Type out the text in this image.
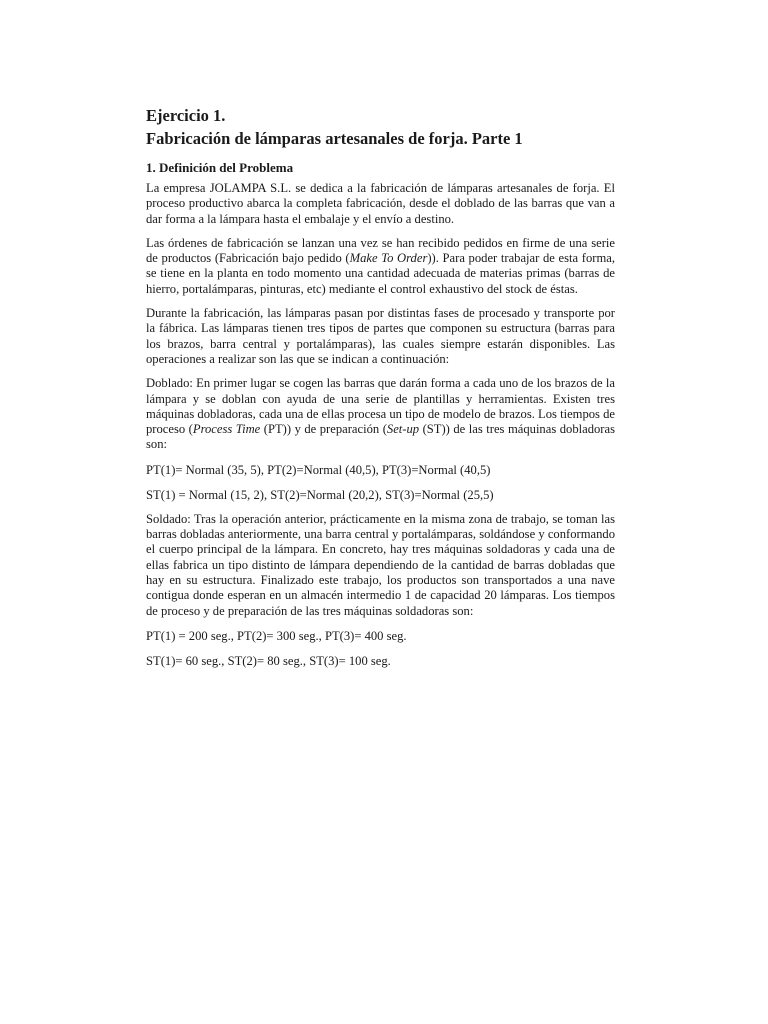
Ejercicio 1.
Fabricación de lámparas artesanales de forja. Parte 1
1. Definición del Problema

La empresa JOLAMPA S.L. se dedica a la fabricación de lámparas artesanales de forja. El proceso productivo abarca la completa fabricación, desde el doblado de las barras que van a dar forma a la lámpara hasta el embalaje y el envío a destino.

Las órdenes de fabricación se lanzan una vez se han recibido pedidos en firme de una serie de productos (Fabricación bajo pedido (Make To Order)). Para poder trabajar de esta forma, se tiene en la planta en todo momento una cantidad adecuada de materias primas (barras de hierro, portalámparas, pinturas, etc) mediante el control exhaustivo del stock de éstas.

Durante la fabricación, las lámparas pasan por distintas fases de procesado y transporte por la fábrica. Las lámparas tienen tres tipos de partes que componen su estructura (barras para los brazos, barra central y portalámparas), las cuales siempre estarán disponibles. Las operaciones a realizar son las que se indican a continuación:

Doblado: En primer lugar se cogen las barras que darán forma a cada uno de los brazos de la lámpara y se doblan con ayuda de una serie de plantillas y herramientas. Existen tres máquinas dobladoras, cada una de ellas procesa un tipo de modelo de brazos. Los tiempos de proceso (Process Time (PT)) y de preparación (Set-up (ST)) de las tres máquinas dobladoras son:

PT(1)= Normal (35, 5), PT(2)=Normal (40,5), PT(3)=Normal (40,5)

ST(1) = Normal (15, 2), ST(2)=Normal (20,2), ST(3)=Normal (25,5)

Soldado: Tras la operación anterior, prácticamente en la misma zona de trabajo, se toman las barras dobladas anteriormente, una barra central y portalámparas, soldándose y conformando el cuerpo principal de la lámpara. En concreto, hay tres máquinas soldadoras y cada una de ellas fabrica un tipo distinto de lámpara dependiendo de la cantidad de barras dobladas que hay en su estructura. Finalizado este trabajo, los productos son transportados a una nave contigua donde esperan en un almacén intermedio 1 de capacidad 20 lámparas. Los tiempos de proceso y de preparación de las tres máquinas soldadoras son:

PT(1) = 200 seg., PT(2)= 300 seg., PT(3)= 400 seg.

ST(1)= 60 seg., ST(2)= 80 seg., ST(3)= 100 seg.
